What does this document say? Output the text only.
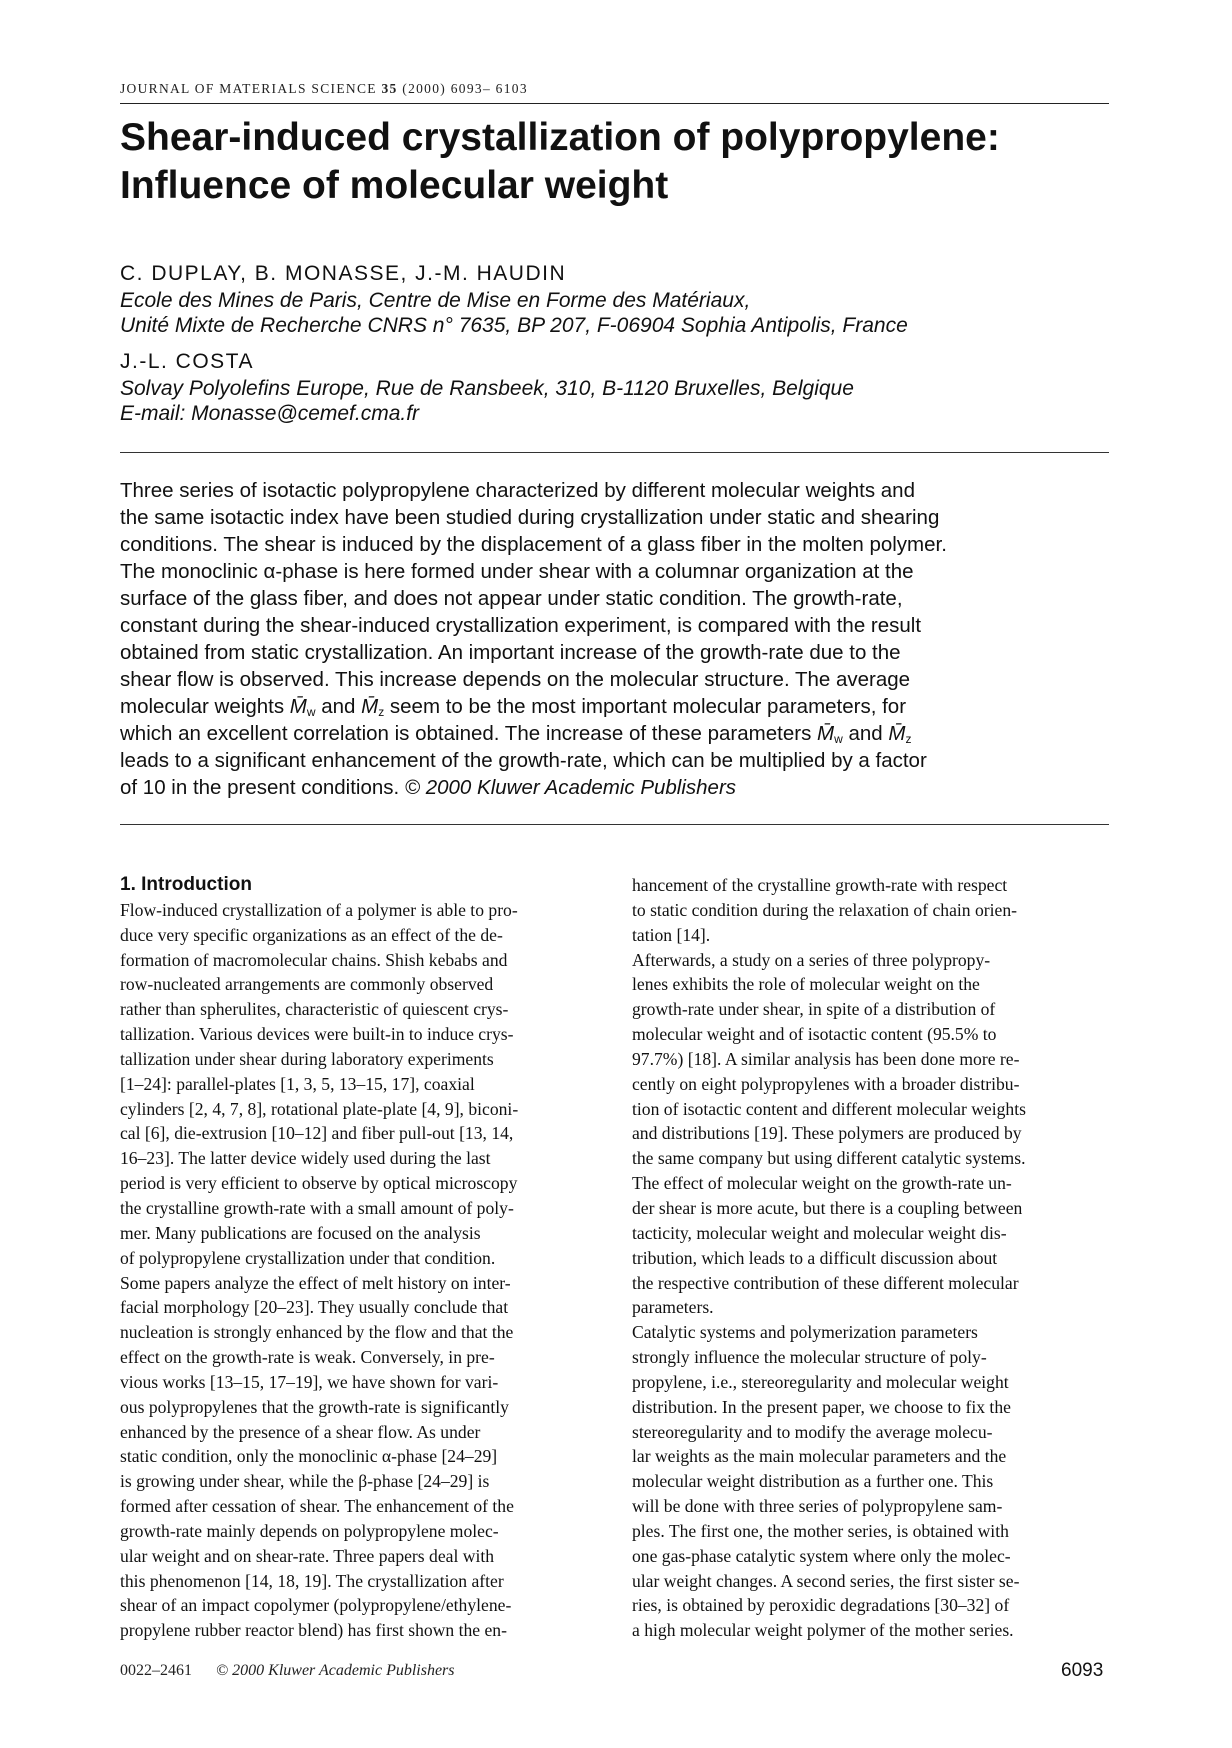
JOURNAL OF MATERIALS SCIENCE 35 (2000) 6093– 6103
Shear-induced crystallization of polypropylene:
Influence of molecular weight
C. DUPLAY, B. MONASSE, J.-M. HAUDIN
Ecole des Mines de Paris, Centre de Mise en Forme des Matériaux,
Unité Mixte de Recherche CNRS n° 7635, BP 207, F-06904 Sophia Antipolis, France
J.-L. COSTA
Solvay Polyolefins Europe, Rue de Ransbeek, 310, B-1120 Bruxelles, Belgique
E-mail: Monasse@cemef.cma.fr
Three series of isotactic polypropylene characterized by different molecular weights and
the same isotactic index have been studied during crystallization under static and shearing
conditions. The shear is induced by the displacement of a glass fiber in the molten polymer.
The monoclinic α-phase is here formed under shear with a columnar organization at the
surface of the glass fiber, and does not appear under static condition. The growth-rate,
constant during the shear-induced crystallization experiment, is compared with the result
obtained from static crystallization. An important increase of the growth-rate due to the
shear flow is observed. This increase depends on the molecular structure. The average
molecular weights $M̄_w$ and $M̄_z$ seem to be the most important molecular parameters, for
which an excellent correlation is obtained. The increase of these parameters $M̄_w$ and $M̄_z$
leads to a significant enhancement of the growth-rate, which can be multiplied by a factor
of 10 in the present conditions. © 2000 Kluwer Academic Publishers
1. Introduction
Flow-induced crystallization of a polymer is able to pro-
duce very specific organizations as an effect of the de-
formation of macromolecular chains. Shish kebabs and
row-nucleated arrangements are commonly observed
rather than spherulites, characteristic of quiescent crys-
tallization. Various devices were built-in to induce crys-
tallization under shear during laboratory experiments
[1–24]: parallel-plates [1, 3, 5, 13–15, 17], coaxial
cylinders [2, 4, 7, 8], rotational plate-plate [4, 9], biconi-
cal [6], die-extrusion [10–12] and fiber pull-out [13, 14,
16–23]. The latter device widely used during the last
period is very efficient to observe by optical microscopy
the crystalline growth-rate with a small amount of poly-
mer. Many publications are focused on the analysis
of polypropylene crystallization under that condition.
Some papers analyze the effect of melt history on inter-
facial morphology [20–23]. They usually conclude that
nucleation is strongly enhanced by the flow and that the
effect on the growth-rate is weak. Conversely, in pre-
vious works [13–15, 17–19], we have shown for vari-
ous polypropylenes that the growth-rate is significantly
enhanced by the presence of a shear flow. As under
static condition, only the monoclinic α-phase [24–29]
is growing under shear, while the β-phase [24–29] is
formed after cessation of shear. The enhancement of the
growth-rate mainly depends on polypropylene molec-
ular weight and on shear-rate. Three papers deal with
this phenomenon [14, 18, 19]. The crystallization after
shear of an impact copolymer (polypropylene/ethylene-
propylene rubber reactor blend) has first shown the en-
hancement of the crystalline growth-rate with respect
to static condition during the relaxation of chain orien-
tation [14].
Afterwards, a study on a series of three polypropy-
lenes exhibits the role of molecular weight on the
growth-rate under shear, in spite of a distribution of
molecular weight and of isotactic content (95.5% to
97.7%) [18]. A similar analysis has been done more re-
cently on eight polypropylenes with a broader distribu-
tion of isotactic content and different molecular weights
and distributions [19]. These polymers are produced by
the same company but using different catalytic systems.
The effect of molecular weight on the growth-rate un-
der shear is more acute, but there is a coupling between
tacticity, molecular weight and molecular weight dis-
tribution, which leads to a difficult discussion about
the respective contribution of these different molecular
parameters.
Catalytic systems and polymerization parameters
strongly influence the molecular structure of poly-
propylene, i.e., stereoregularity and molecular weight
distribution. In the present paper, we choose to fix the
stereoregularity and to modify the average molecu-
lar weights as the main molecular parameters and the
molecular weight distribution as a further one. This
will be done with three series of polypropylene sam-
ples. The first one, the mother series, is obtained with
one gas-phase catalytic system where only the molec-
ular weight changes. A second series, the first sister se-
ries, is obtained by peroxidic degradations [30–32] of
a high molecular weight polymer of the mother series.
0022–2461 © 2000 Kluwer Academic Publishers	6093
